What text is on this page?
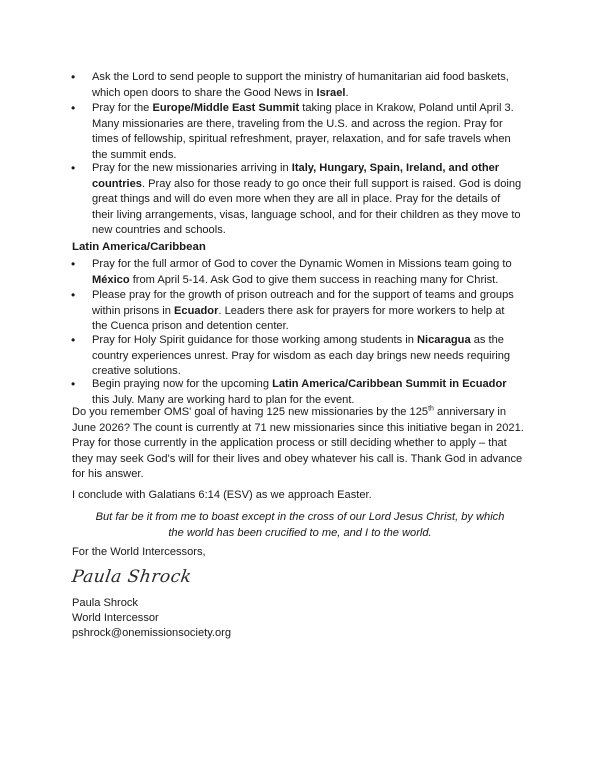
• Ask the Lord to send people to support the ministry of humanitarian aid food baskets, which open doors to share the Good News in Israel.
• Pray for the Europe/Middle East Summit taking place in Krakow, Poland until April 3. Many missionaries are there, traveling from the U.S. and across the region. Pray for times of fellowship, spiritual refreshment, prayer, relaxation, and for safe travels when the summit ends.
• Pray for the new missionaries arriving in Italy, Hungary, Spain, Ireland, and other countries. Pray also for those ready to go once their full support is raised. God is doing great things and will do even more when they are all in place. Pray for the details of their living arrangements, visas, language school, and for their children as they move to new countries and schools.
Latin America/Caribbean
• Pray for the full armor of God to cover the Dynamic Women in Missions team going to México from April 5-14. Ask God to give them success in reaching many for Christ.
• Please pray for the growth of prison outreach and for the support of teams and groups within prisons in Ecuador. Leaders there ask for prayers for more workers to help at the Cuenca prison and detention center.
• Pray for Holy Spirit guidance for those working among students in Nicaragua as the country experiences unrest. Pray for wisdom as each day brings new needs requiring creative solutions.
• Begin praying now for the upcoming Latin America/Caribbean Summit in Ecuador this July. Many are working hard to plan for the event.

Do you remember OMS' goal of having 125 new missionaries by the 125th anniversary in June 2026? The count is currently at 71 new missionaries since this initiative began in 2021. Pray for those currently in the application process or still deciding whether to apply – that they may seek God's will for their lives and obey whatever his call is. Thank God in advance for his answer.

I conclude with Galatians 6:14 (ESV) as we approach Easter.

But far be it from me to boast except in the cross of our Lord Jesus Christ, by which the world has been crucified to me, and I to the world.

For the World Intercessors,

Paula Shrock

Paula Shrock

World Intercessor

pshrock@onemissionsociety.org
